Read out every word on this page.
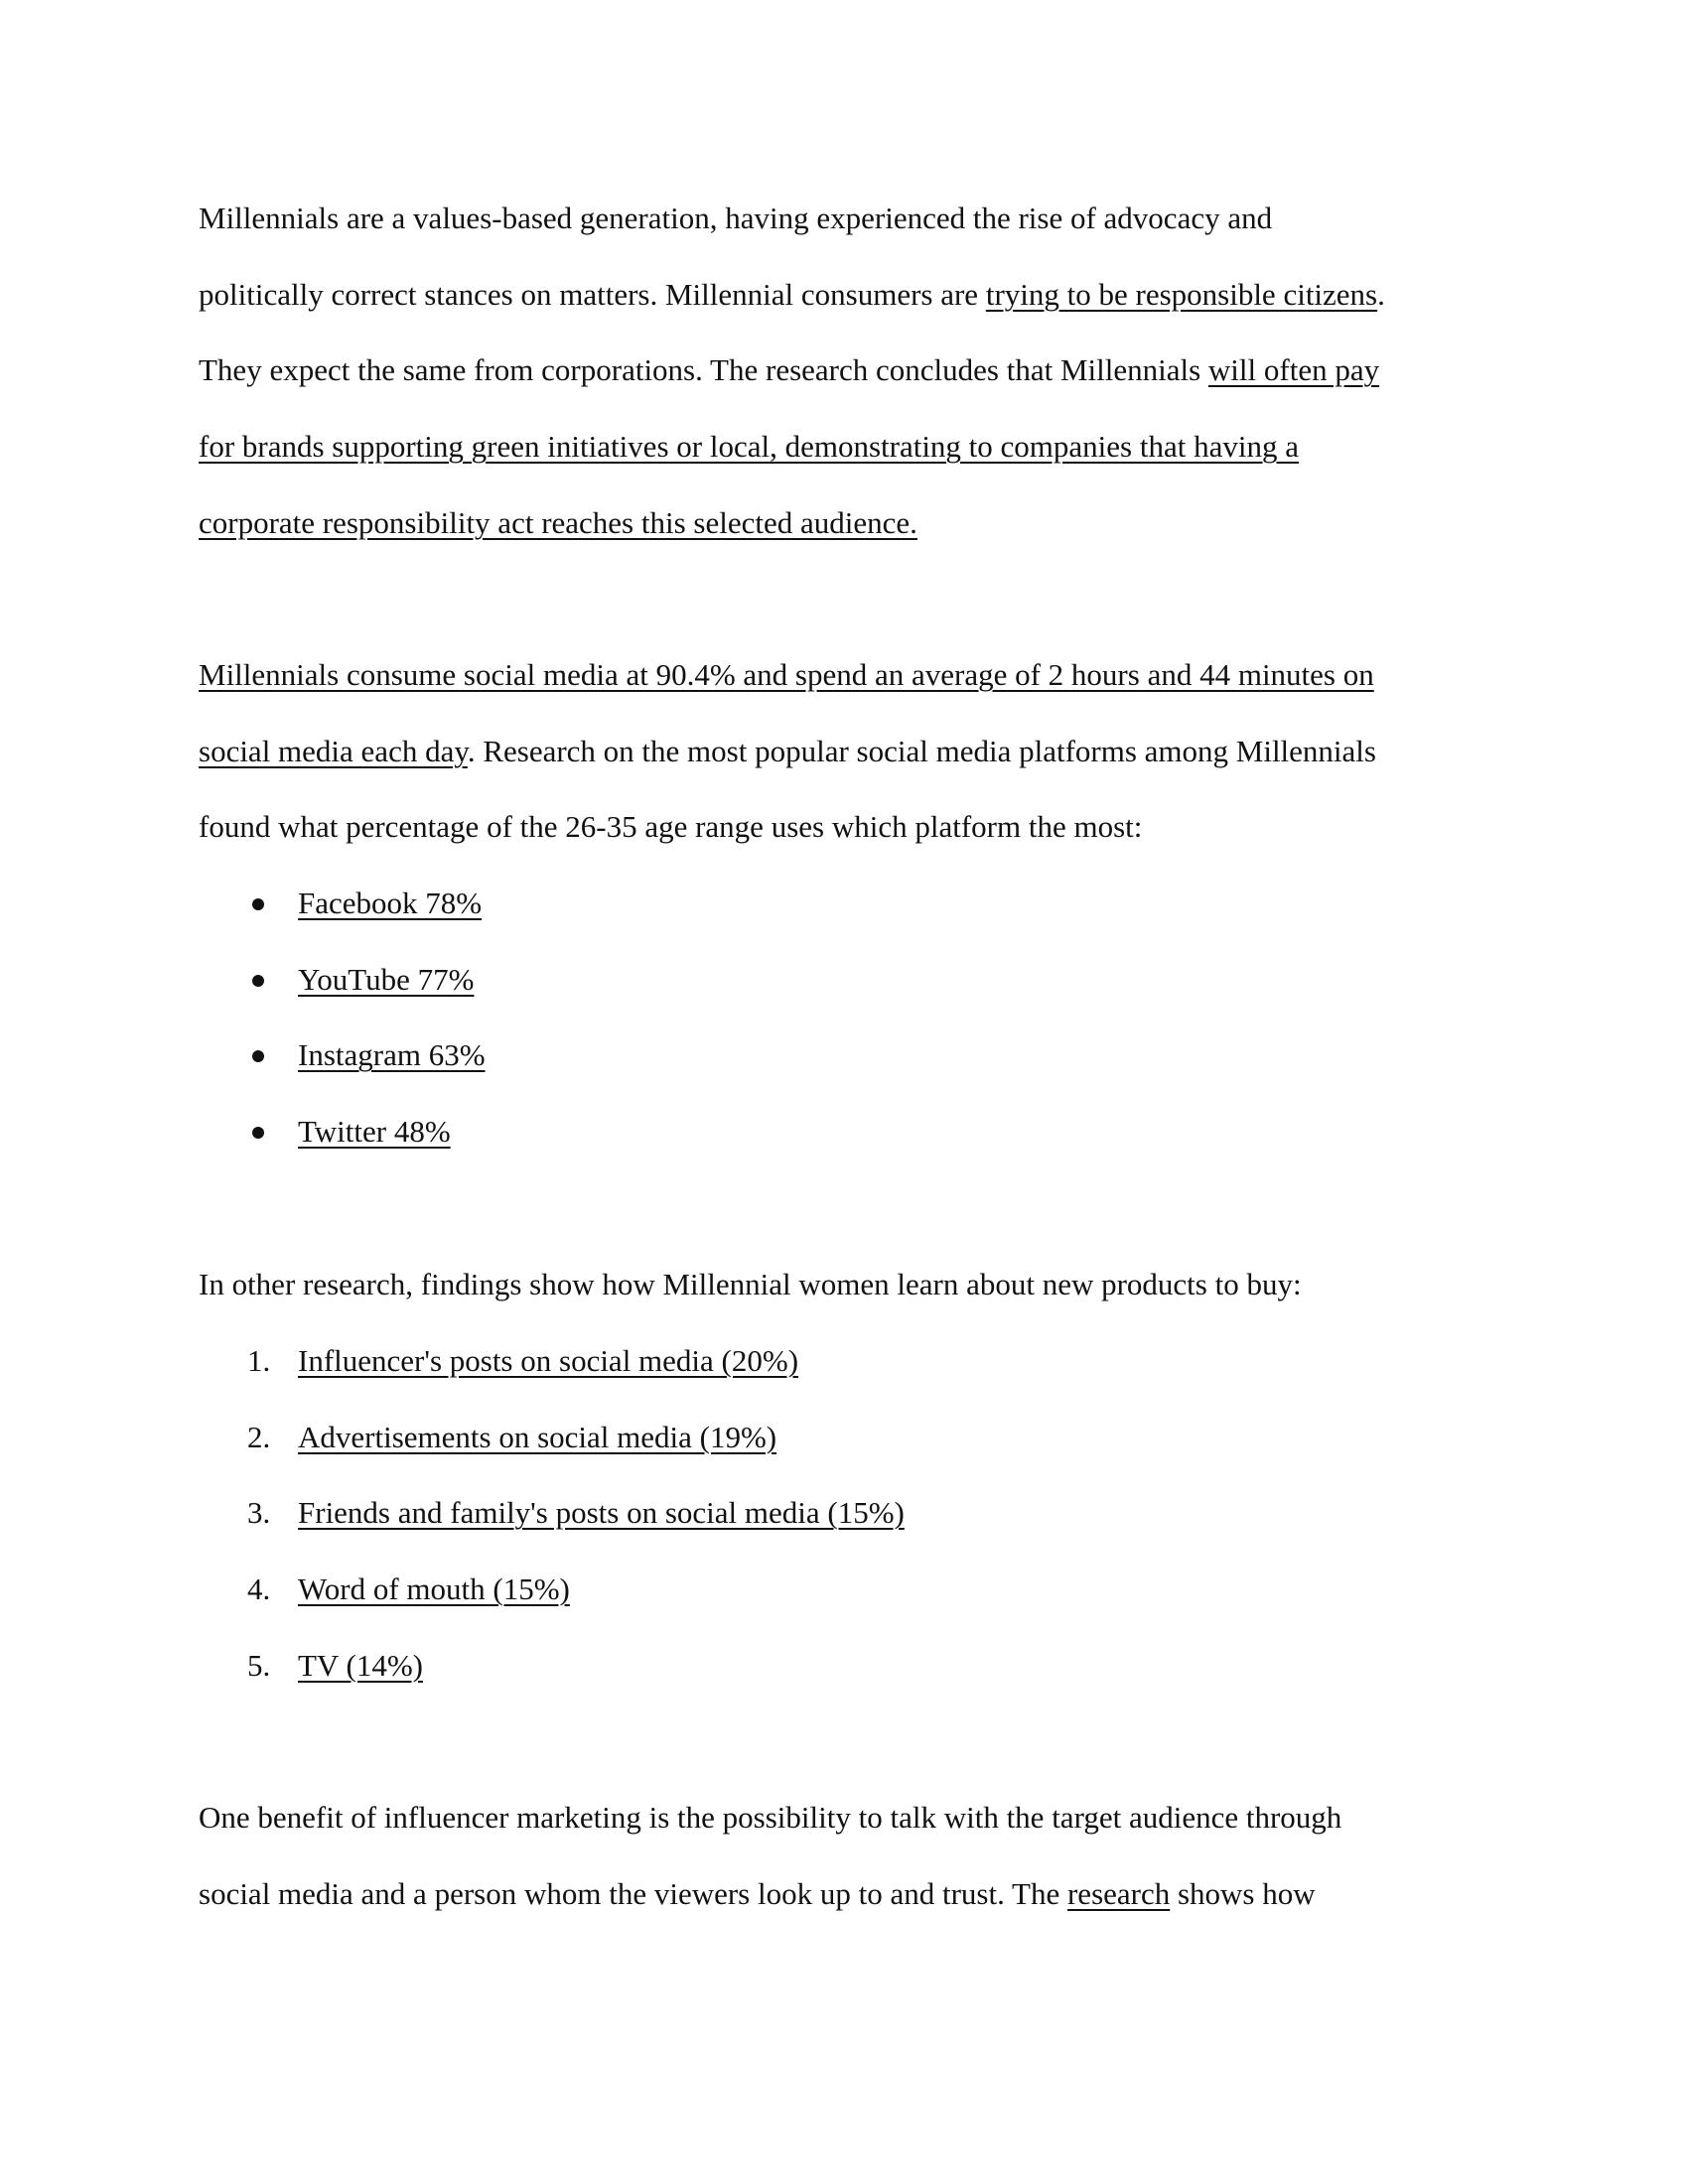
Millennials are a values-based generation, having experienced the rise of advocacy and
politically correct stances on matters. Millennial consumers are trying to be responsible citizens.
They expect the same from corporations. The research concludes that Millennials will often pay
for brands supporting green initiatives or local, demonstrating to companies that having a
corporate responsibility act reaches this selected audience.
Millennials consume social media at 90.4% and spend an average of 2 hours and 44 minutes on
social media each day. Research on the most popular social media platforms among Millennials
found what percentage of the 26-35 age range uses which platform the most:
Facebook 78%
YouTube 77%
Instagram 63%
Twitter 48%
In other research, findings show how Millennial women learn about new products to buy:
1. Influencer's posts on social media (20%)
2. Advertisements on social media (19%)
3. Friends and family's posts on social media (15%)
4. Word of mouth (15%)
5. TV (14%)
One benefit of influencer marketing is the possibility to talk with the target audience through
social media and a person whom the viewers look up to and trust. The research shows how
